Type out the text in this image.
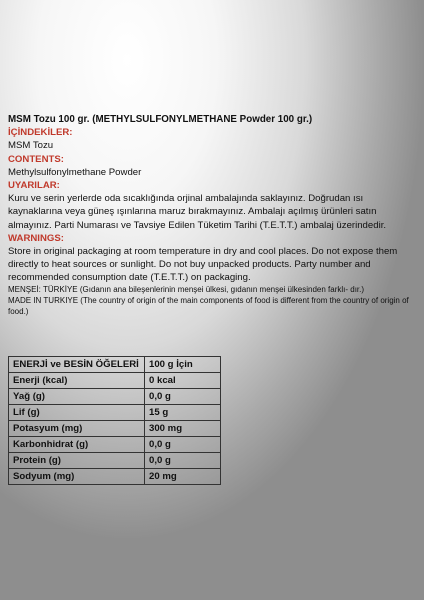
MSM Tozu 100 gr. (METHYLSULFONYLMETHANE Powder 100 gr.)

İÇİNDEKİLER:

MSM Tozu

CONTENTS:

Methylsulfonylmethane Powder

UYARILAR:

Kuru ve serin yerlerde oda sıcaklığında orjinal ambalajında saklayınız. Doğrudan ısı kaynaklarına veya güneş ışınlarına maruz bırakmayınız. Ambalajı açılmış ürünleri satın almayınız. Parti Numarası ve Tavsiye Edilen Tüketim Tarihi (T.E.T.T.) ambalaj üzerindedir.

WARNINGS:

Store in original packaging at room temperature in dry and cool places. Do not expose them directly to heat sources or sunlight. Do not buy unpacked products. Party number and recommended consumption date (T.E.T.T.) on packaging.

MENŞEİ: TÜRKİYE (Gıdanın ana bileşenlerinin menşei ülkesi, gıdanın menşei ülkesinden farklı- dır.)

MADE IN TURKIYE (The country of origin of the main components of food is different from the country of origin of food.)

ENERJİ ve BESİN ÖĞELERİ	100 g İçin
Enerji (kcal)	0 kcal
Yağ (g)	0,0 g
Lif (g)	15 g
Potasyum (mg)	300 mg
Karbonhidrat (g)	0,0 g
Protein (g)	0,0 g
Sodyum (mg)	20 mg
